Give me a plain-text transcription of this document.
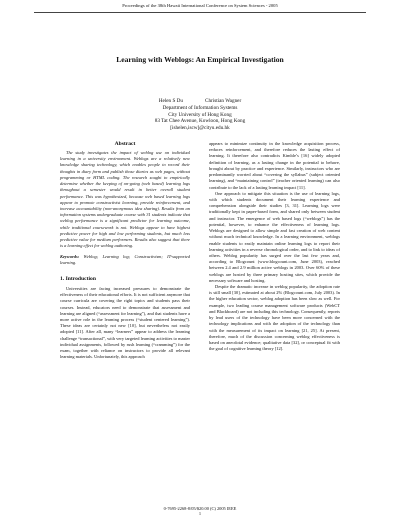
Proceedings of the 38th Hawaii International Conference on System Sciences - 2005
Learning with Weblogs: An Empirical Investigation
Helen S Du	Christian Wagner
Department of Information Systems
City University of Hong Kong
83 Tat Chee Avenue, Kowloon, Hong Kong
[ishelen,iscw]@cityu.edu.hk

Abstract

The study investigates the impact of weblog use on individual learning in a university environment. Weblogs are a relatively new knowledge sharing technology, which enables people to record their thoughts in diary form and publish those diaries as web pages, without programming or HTML coding. The research sought to empirically determine whether the keeping of on-going (web based) learning logs throughout a semester would result in better overall student performance. This was hypothesized, because web based learning logs appear to promote constructivist learning, provide reinforcement, and increase accountability (non-anonymous idea sharing). Results from an information systems undergraduate course with 31 students indicate that weblog performance is a significant predictor for learning outcome, while traditional coursework is not. Weblogs appear to have highest predictive power for high and low performing students, but much less predictive value for medium performers. Results also suggest that there is a learning effect for weblog authoring.

Keywords: Weblog; Learning log; Constructivism; IT-supported learning.

1. Introduction

Universities are facing increased pressures to demonstrate the effectiveness of their educational efforts. It is not sufficient anymore that course curricula are covering the right topics and students pass their courses. Instead, educators need to demonstrate that assessment and learning are aligned (“assessment for learning”), and that students have a more active role in the learning process (“student centered learning”). These ideas are certainly not new [10], but nevertheless not easily adopted [11]. After all, many “learners” appear to address the learning challenge “transactional”, with very targeted learning activities to master individual assignments, followed by rush learning (“cramming”) for the exam, together with reliance on instructors to provide all relevant learning materials. Unfortunately, this approach

appears to minimize continuity in the knowledge acquisition process, reduces reinforcement, and therefore reduces the lasting effect of learning. It therefore also contradicts Kimble’s [16] widely adopted definition of learning, as a lasting change in the potential to behave, brought about by practice and experience. Similarly, instructors who are predominantly worried about “covering the syllabus” (subject oriented learning), and “maintaining control” (teacher oriented learning) can also contribute to the lack of a lasting learning impact [11].

One approach to mitigate this situation is the use of learning logs, with which students document their learning experience and comprehension alongside their studies [3, 31]. Learning logs were traditionally kept in paper-based form, and shared only between student and instructor. The emergence of web based logs (“weblogs”) has the potential, however, to enhance the effectiveness of learning logs. Weblogs are designed to allow simple and fast creation of web content without much technical knowledge. In a learning environment, weblogs enable students to easily maintain online learning logs to report their learning activities in a reverse chronological order, and to link to ideas of others. Weblog popularity has surged over the last few years and, according to Blogcount (www.blogcount.com, June 2003), reached between 2.4 and 2.9 million active weblogs in 2003. Over 60% of these weblogs are hosted by three primary hosting sites, which provide the necessary software and hosting.

Despite the dramatic increase in weblog popularity, the adoption rate is still small [30], estimated at about 2% (Blogcount.com, July 2003). In the higher education sector, weblog adoption has been slow as well. For example, two leading course management software products (WebCT and Blackboard) are not including this technology. Consequently, reports by lead users of the technology have been more concerned with the technology implications and with the adoption of the technology than with the measurement of its impact on learning [21, 25]. At present, therefore, much of the discussion concerning weblog effectiveness is based on anecdotal evidence; qualitative data [32], or conceptual fit with the goal of cognitive learning theory [12].

0-7695-2268-8/05/$20.00 (C) 2005 IEEE
1
